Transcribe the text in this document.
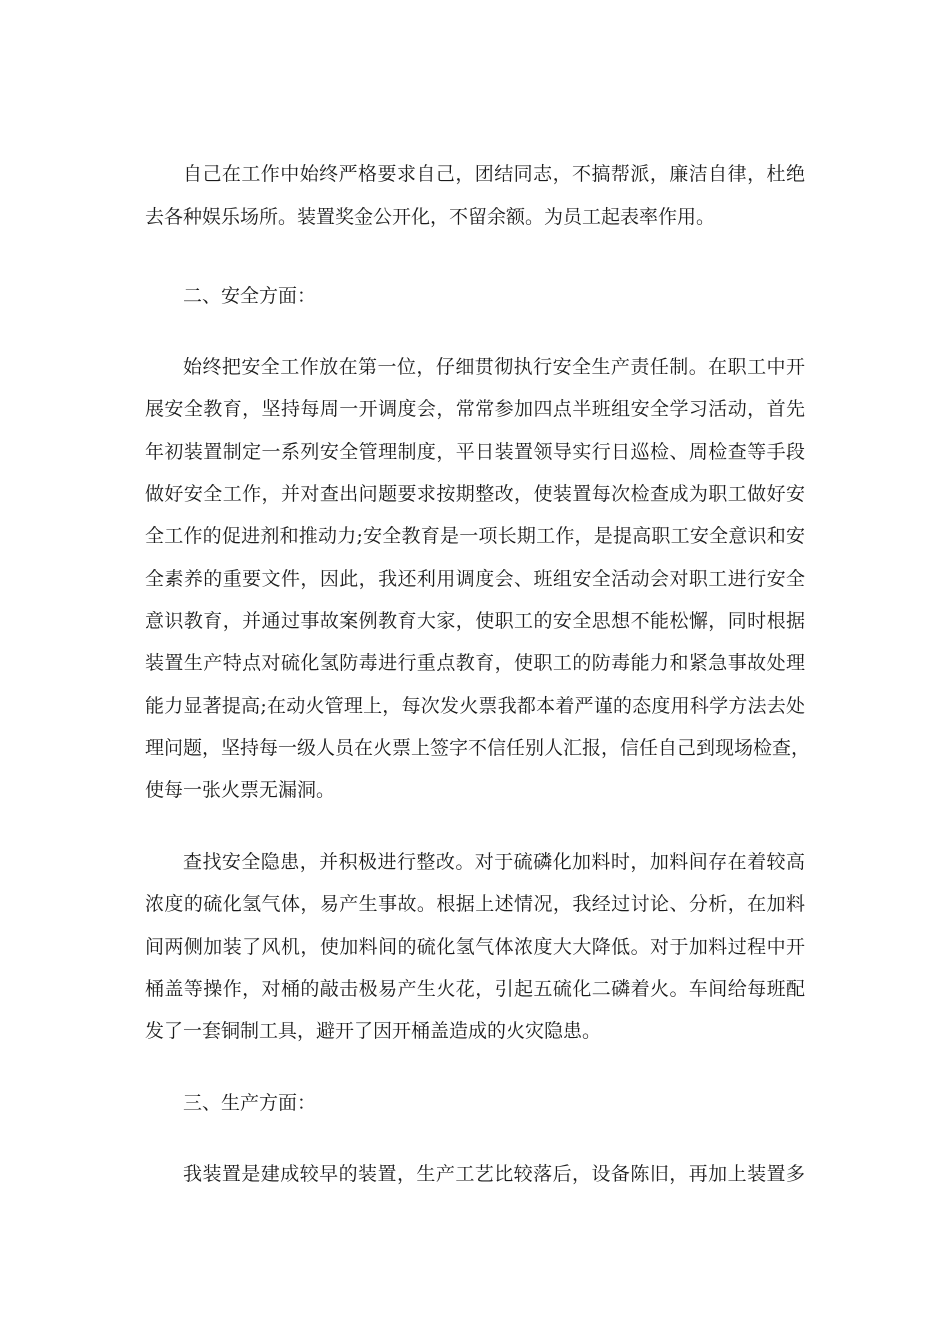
自己在工作中始终严格要求自己，团结同志，不搞帮派，廉洁自律，杜绝
去各种娱乐场所。装置奖金公开化，不留余额。为员工起表率作用。
二、安全方面：
始终把安全工作放在第一位，仔细贯彻执行安全生产责任制。在职工中开
展安全教育，坚持每周一开调度会，常常参加四点半班组安全学习活动，首先
年初装置制定一系列安全管理制度，平日装置领导实行日巡检、周检查等手段
做好安全工作，并对查出问题要求按期整改，使装置每次检查成为职工做好安
全工作的促进剂和推动力;安全教育是一项长期工作，是提高职工安全意识和安
全素养的重要文件，因此，我还利用调度会、班组安全活动会对职工进行安全
意识教育，并通过事故案例教育大家，使职工的安全思想不能松懈，同时根据
装置生产特点对硫化氢防毒进行重点教育，使职工的防毒能力和紧急事故处理
能力显著提高;在动火管理上，每次发火票我都本着严谨的态度用科学方法去处
理问题，坚持每一级人员在火票上签字不信任别人汇报，信任自己到现场检查，
使每一张火票无漏洞。
查找安全隐患，并积极进行整改。对于硫磷化加料时，加料间存在着较高
浓度的硫化氢气体，易产生事故。根据上述情况，我经过讨论、分析，在加料
间两侧加装了风机，使加料间的硫化氢气体浓度大大降低。对于加料过程中开
桶盖等操作，对桶的敲击极易产生火花，引起五硫化二磷着火。车间给每班配
发了一套铜制工具，避开了因开桶盖造成的火灾隐患。
三、生产方面：
我装置是建成较早的装置，生产工艺比较落后，设备陈旧，再加上装置多
